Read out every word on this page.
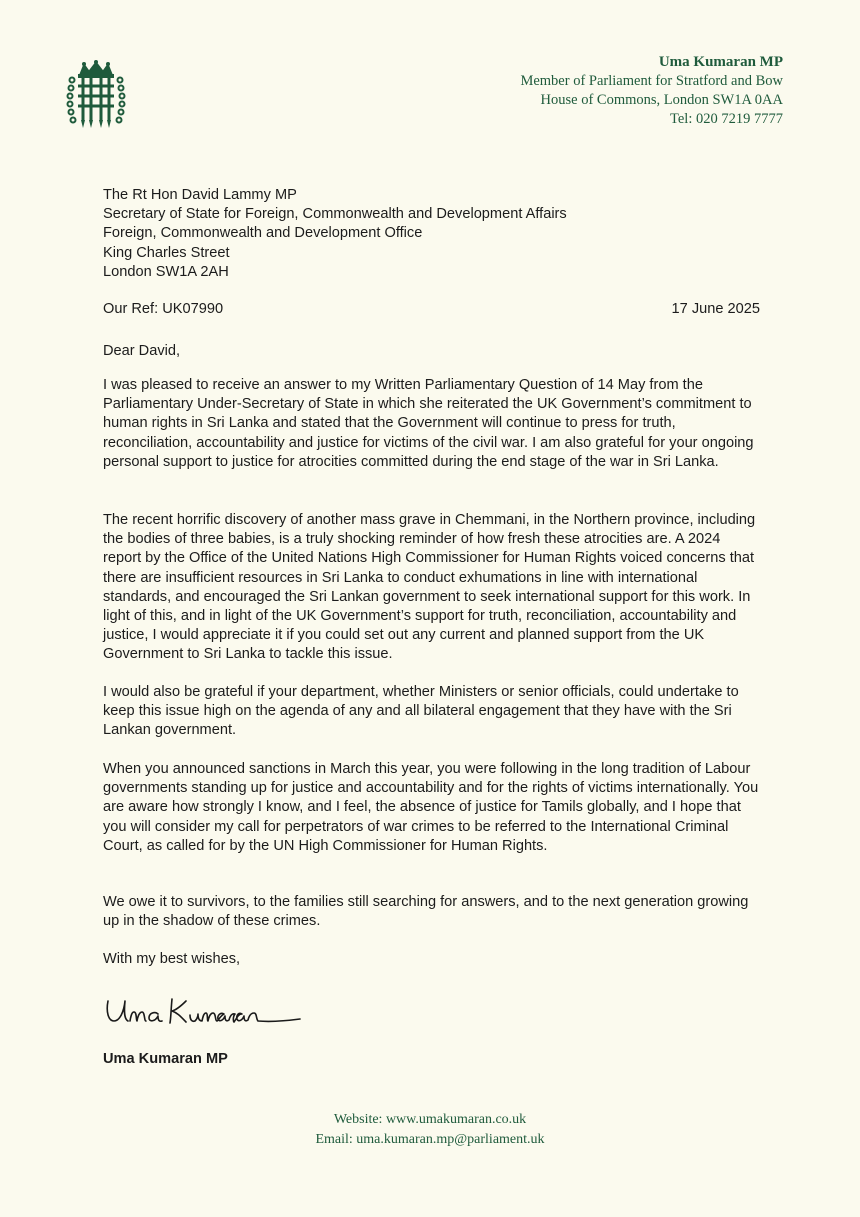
Uma Kumaran MP
Member of Parliament for Stratford and Bow
House of Commons, London SW1A 0AA
Tel: 020 7219 7777
The Rt Hon David Lammy MP
Secretary of State for Foreign, Commonwealth and Development Affairs
Foreign, Commonwealth and Development Office
King Charles Street
London SW1A 2AH
Our Ref: UK07990	17 June 2025
Dear David,

I was pleased to receive an answer to my Written Parliamentary Question of 14 May from the Parliamentary Under-Secretary of State in which she reiterated the UK Government’s commitment to human rights in Sri Lanka and stated that the Government will continue to press for truth, reconciliation, accountability and justice for victims of the civil war. I am also grateful for your ongoing personal support to justice for atrocities committed during the end stage of the war in Sri Lanka.

The recent horrific discovery of another mass grave in Chemmani, in the Northern province, including the bodies of three babies, is a truly shocking reminder of how fresh these atrocities are. A 2024 report by the Office of the United Nations High Commissioner for Human Rights voiced concerns that there are insufficient resources in Sri Lanka to conduct exhumations in line with international standards, and encouraged the Sri Lankan government to seek international support for this work. In light of this, and in light of the UK Government’s support for truth, reconciliation, accountability and justice, I would appreciate it if you could set out any current and planned support from the UK Government to Sri Lanka to tackle this issue.

I would also be grateful if your department, whether Ministers or senior officials, could undertake to keep this issue high on the agenda of any and all bilateral engagement that they have with the Sri Lankan government.

When you announced sanctions in March this year, you were following in the long tradition of Labour governments standing up for justice and accountability and for the rights of victims internationally. You are aware how strongly I know, and I feel, the absence of justice for Tamils globally, and I hope that you will consider my call for perpetrators of war crimes to be referred to the International Criminal Court, as called for by the UN High Commissioner for Human Rights.

We owe it to survivors, to the families still searching for answers, and to the next generation growing up in the shadow of these crimes.

With my best wishes,
Uma Kumaran MP
Website: www.umakumaran.co.uk
Email: uma.kumaran.mp@parliament.uk
